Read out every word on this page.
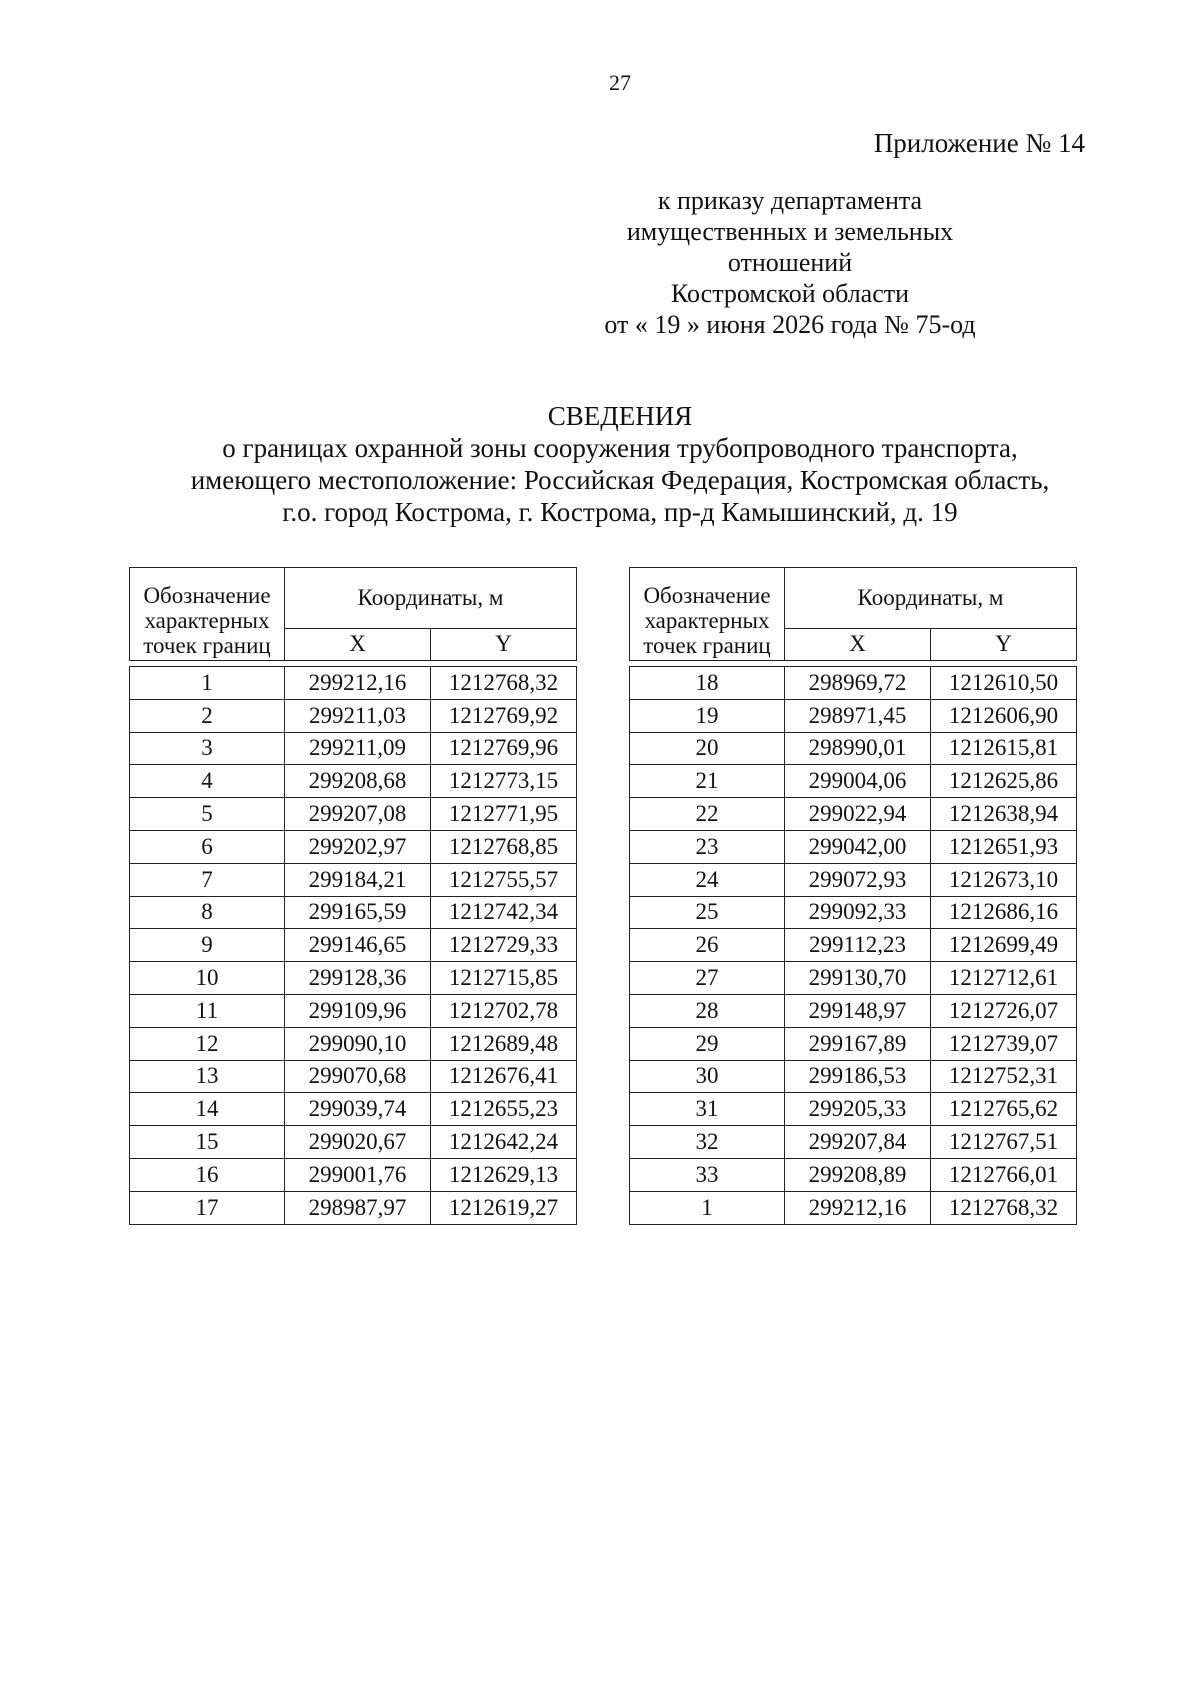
27
Приложение № 14
к приказу департамента
имущественных и земельных
отношений
Костромской области
от « 19 » июня 2026 года № 75-од
СВЕДЕНИЯ
о границах охранной зоны сооружения трубопроводного транспорта,
имеющего местоположение: Российская Федерация, Костромская область,
г.о. город Кострома, г. Кострома, пр-д Камышинский, д. 19
Обозначение
характерных
точек границ	Координаты, м	
	X	Y

1	299212,16	1212768,32
2	299211,03	1212769,92
3	299211,09	1212769,96
4	299208,68	1212773,15
5	299207,08	1212771,95
6	299202,97	1212768,85
7	299184,21	1212755,57
8	299165,59	1212742,34
9	299146,65	1212729,33
10	299128,36	1212715,85
11	299109,96	1212702,78
12	299090,10	1212689,48
13	299070,68	1212676,41
14	299039,74	1212655,23
15	299020,67	1212642,24
16	299001,76	1212629,13
17	298987,97	1212619,27
Обозначение
характерных
точек границ	Координаты, м	
	X	Y

18	298969,72	1212610,50
19	298971,45	1212606,90
20	298990,01	1212615,81
21	299004,06	1212625,86
22	299022,94	1212638,94
23	299042,00	1212651,93
24	299072,93	1212673,10
25	299092,33	1212686,16
26	299112,23	1212699,49
27	299130,70	1212712,61
28	299148,97	1212726,07
29	299167,89	1212739,07
30	299186,53	1212752,31
31	299205,33	1212765,62
32	299207,84	1212767,51
33	299208,89	1212766,01
1	299212,16	1212768,32
